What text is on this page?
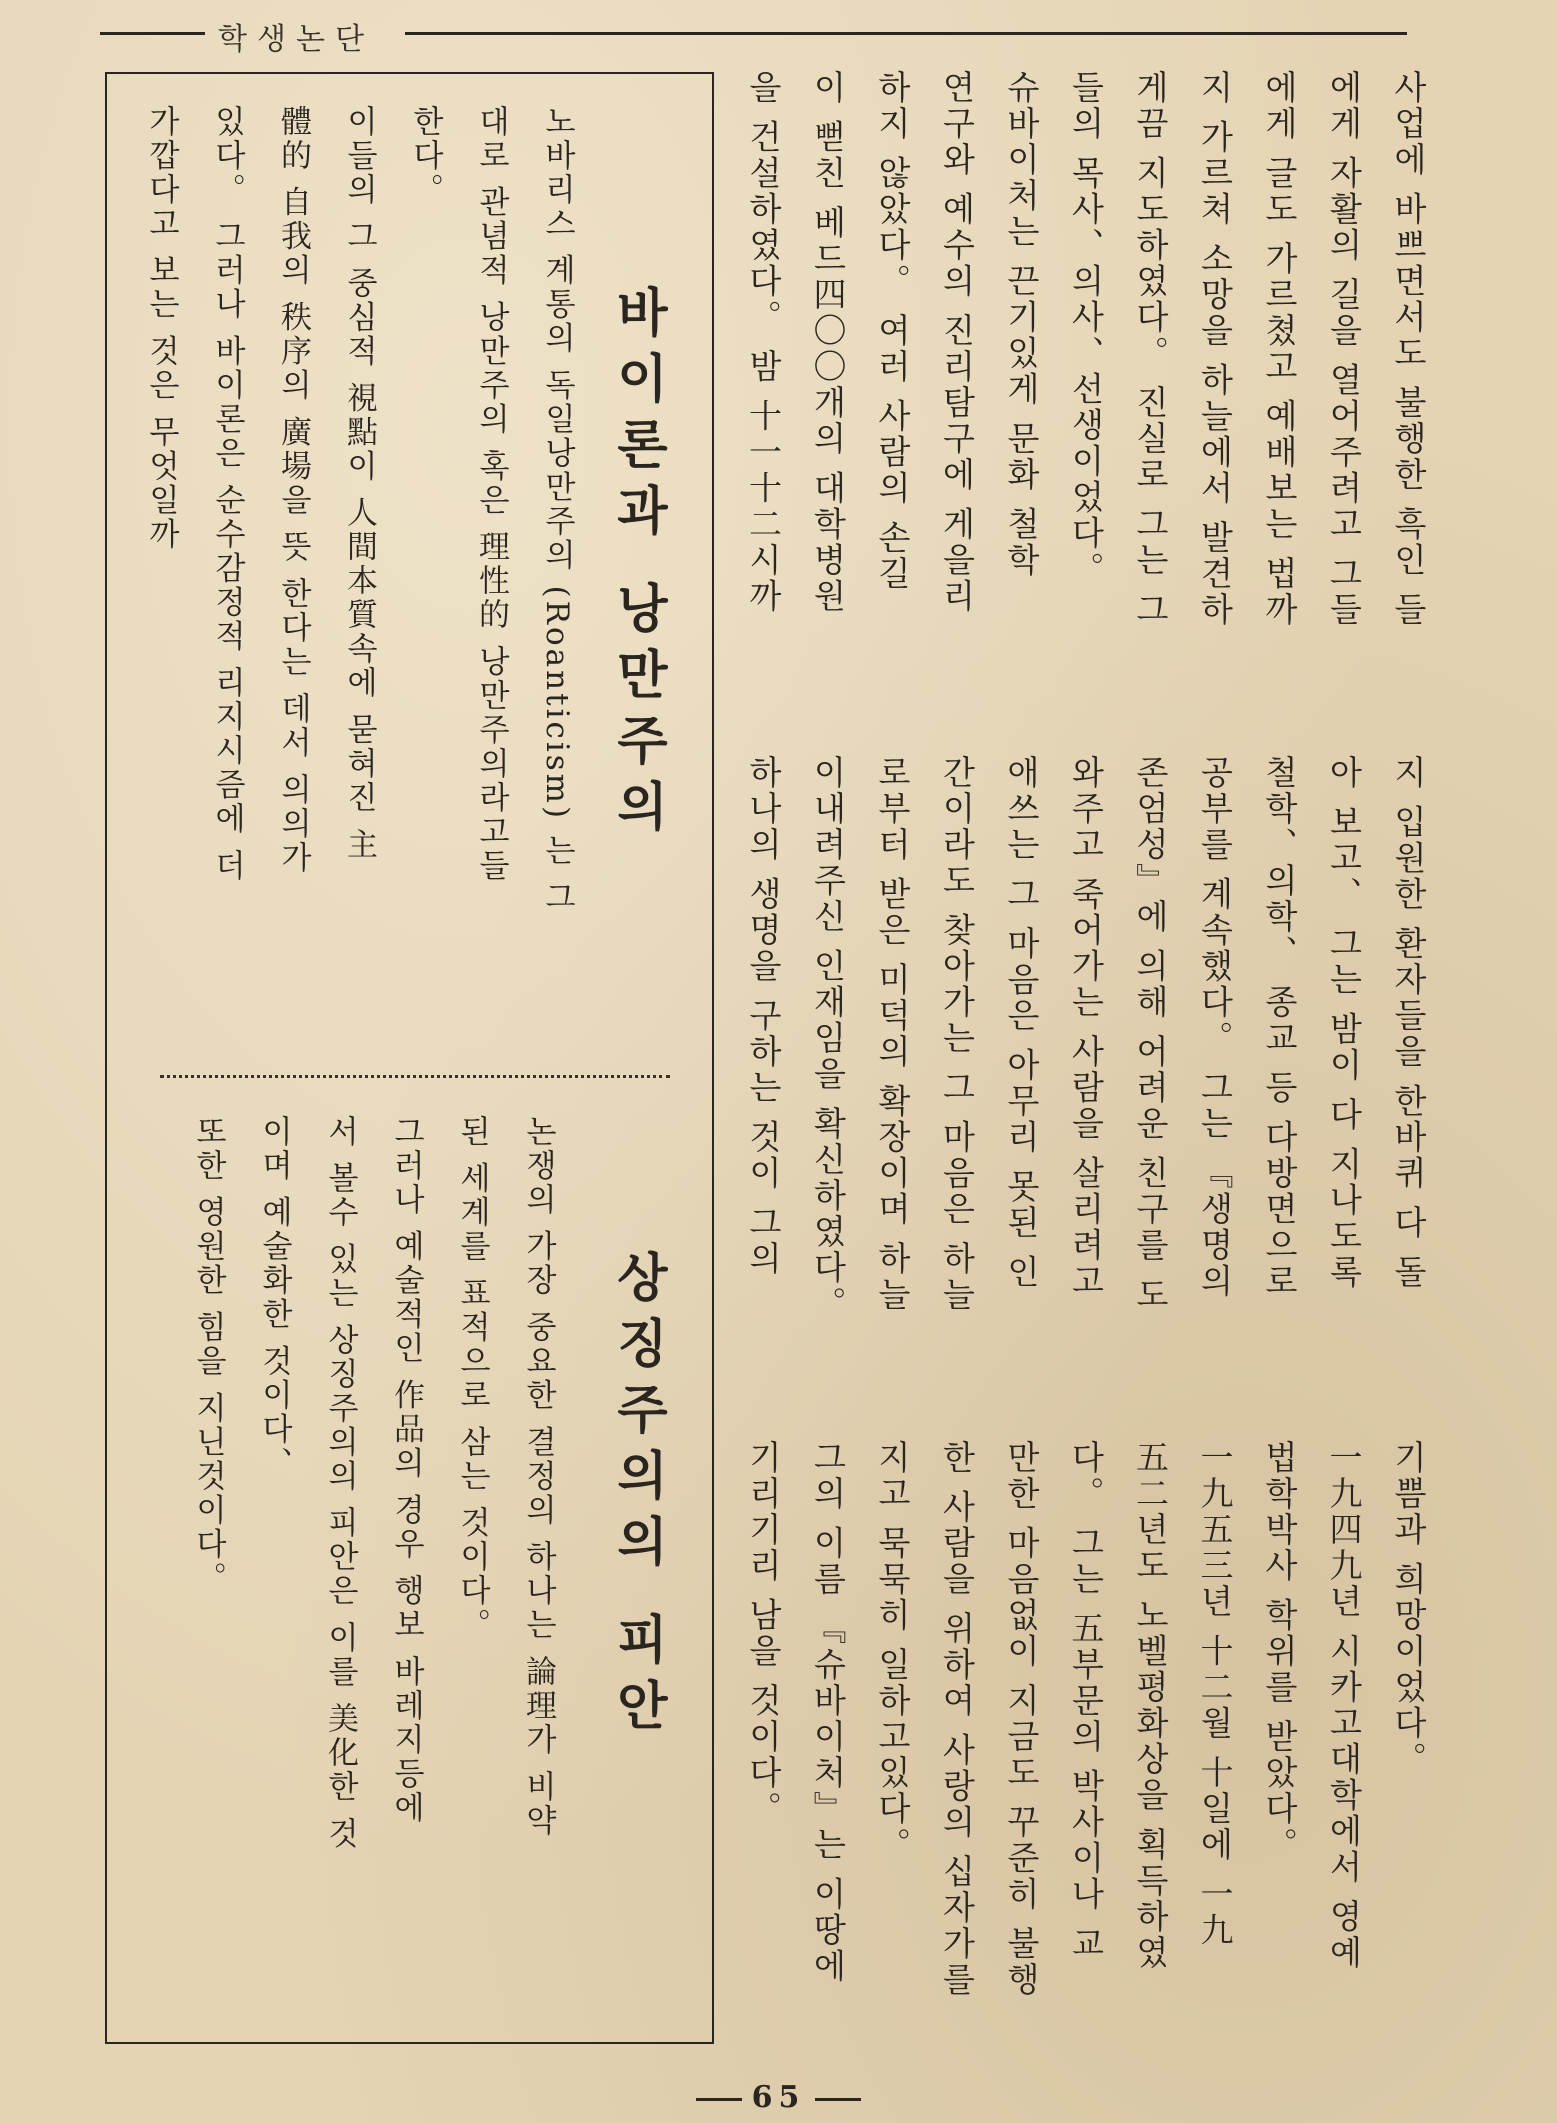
학생논단
사업에 바쁘면서도 불행한 흑인 들
에게 자활의 길을 열어주려고 그들
에게 글도 가르쳤고 예배보는 법까
지 가르쳐 소망을 하늘에서 발견하
게끔 지도하였다。 진실로 그는 그
들의 목사、의사、선생이었다。
슈바이처는 끈기있게 문화 철학
연구와 예수의 진리탐구에 게을리
하지 않았다。 여러 사람의 손길
이 뻗친 베드四〇〇개의 대학병원
을 건설하였다。 밤 十一十二시까
지 입원한 환자들을 한바퀴 다 돌
아 보고、 그는 밤이 다 지나도록
철학、의학、 종교 등 다방면으로
공부를 계속했다。 그는 『생명의
존엄성』에 의해 어려운 친구를 도
와주고 죽어가는 사람을 살리려고
애쓰는 그 마음은 아무리 못된 인
간이라도 찾아가는 그 마음은 하늘
로부터 받은 미덕의 확장이며 하늘
이내려주신 인재임을 확신하였다。
하나의 생명을 구하는 것이 그의
기쁨과 희망이었다。
一九四九년 시카고대학에서 영예
법학박사 학위를 받았다。
一九五三년 十二월 十일에 一九
五二년도 노벨평화상을 획득하였
다。 그는 五부문의 박사이나 교
만한 마음없이 지금도 꾸준히 불행
한 사람을 위하여 사랑의 십자가를
지고 묵묵히 일하고있다。
그의 이름 『슈바이처』는 이땅에
기리기리 남을 것이다。
바이론과 낭만주의
노바리스 계통의 독일낭만주의 (Roanticism) 는 그
대로 관념적 낭만주의 혹은 理性的 낭만주의라고들
한다。
이들의 그 중심적 視點이 人間本質속에 묻혀진 主
體的 自我의 秩序의 廣場을 뜻 한다는 데서 의의가
있다。 그러나 바이론은 순수감정적 리지시즘에 더
가깝다고 보는 것은 무엇일까
상징주의의 피안
논쟁의 가장 중요한 결정의 하나는 論理가 비약
된 세계를 표적으로 삼는 것이다。
그러나 예술적인 作品의 경우 행보 바레지등에
서 볼수 있는 상징주의의 피안은 이를 美化한 것
이며 예술화한 것이다、
또한 영원한 힘을 지닌것이다。
65
